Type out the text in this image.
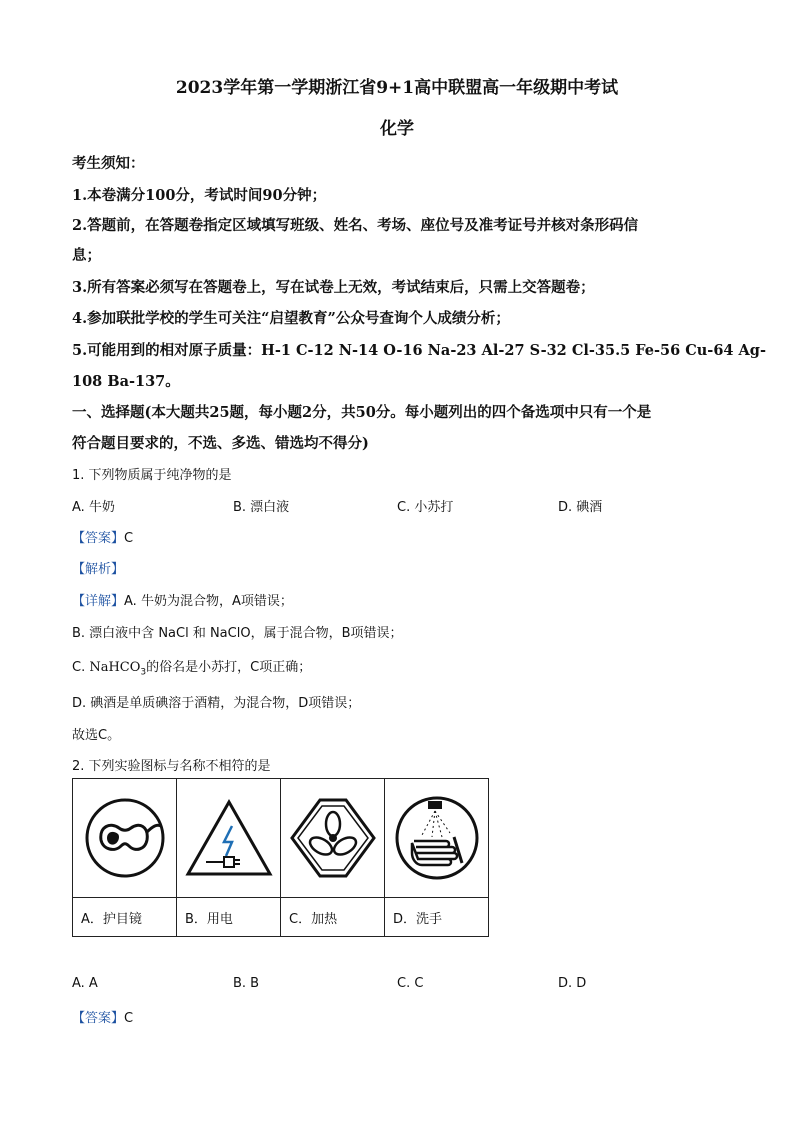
2023学年第一学期浙江省9+1高中联盟高一年级期中考试
化学
考生须知：
1.本卷满分100分，考试时间90分钟；
2.答题前，在答题卷指定区域填写班级、姓名、考场、座位号及准考证号并核对条形码信
息；
3.所有答案必须写在答题卷上，写在试卷上无效，考试结束后，只需上交答题卷；
4.参加联批学校的学生可关注“启望教育”公众号查询个人成绩分析；
5.可能用到的相对原子质量：H-1 C-12 N-14 O-16 Na-23 Al-27 S-32 Cl-35.5 Fe-56 Cu-64 Ag-
108 Ba-137。
一、选择题(本大题共25题，每小题2分，共50分。每小题列出的四个备选项中只有一个是
符合题目要求的，不选、多选、错选均不得分)
1. 下列物质属于纯净物的是
A. 牛奶	B. 漂白液	C. 小苏打	D. 碘酒
【答案】C
【解析】
【详解】A. 牛奶为混合物，A项错误；
B. 漂白液中含 NaCl 和 NaClO，属于混合物，B项错误；
C. NaHCO$_3$的俗名是小苏打，C项正确；
D. 碘酒是单质碘溶于酒精，为混合物，D项错误；
故选C。
2. 下列实验图标与名称不相符的是

A．护目镜	B．用电	C．加热	D．洗手
A. A	B. B	C. C	D. D
【答案】C
